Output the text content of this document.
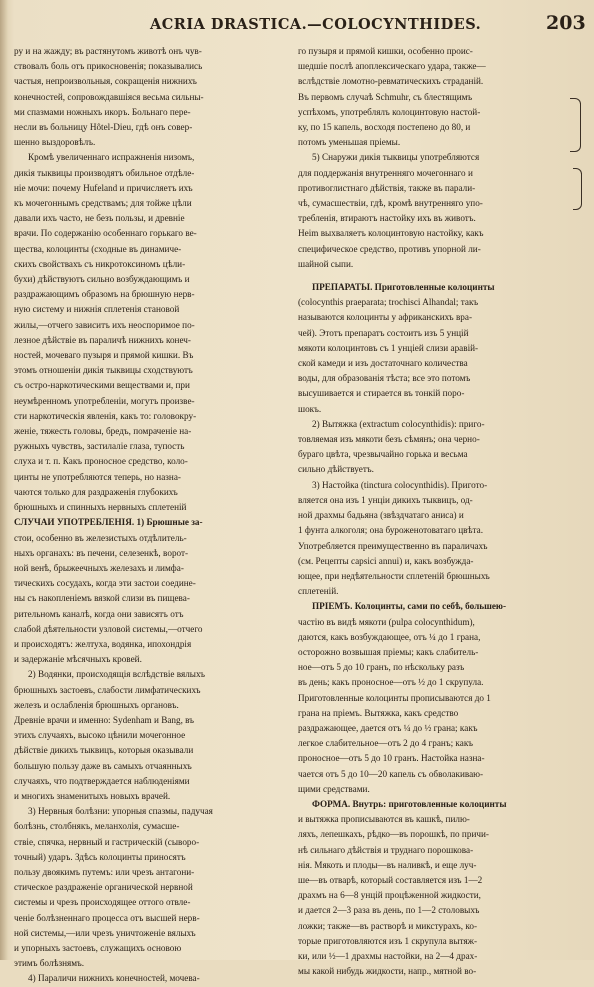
ACRIA DRASTICA.—COLOCYNTHIDES.	203

ру и на жажду; въ растянутомъ животѣ онъ чув-

ствовалъ боль отъ прикосновенія; показывались

частыя, непроизвольныя, сокращенія нижнихъ

конечностей, сопровождавшіяся весьма сильны-

ми спазмами ножныхъ икоръ. Больнаго пере-

несли въ больницу Hôtel-Dieu, гдѣ онъ совер-

шенно выздоровѣлъ.

Кромѣ увеличеннаго испражненія низомъ,

дикія тыквицы производятъ обильное отдѣле-

ніе мочи: почему Hufeland и причисляетъ ихъ

къ мочегоннымъ средствамъ; для тойже цѣли

давали ихъ часто, не безъ пользы, и древніе

врачи. По содержанію особеннаго горькаго ве-

щества, колоцинты (сходные въ динамиче-

скихъ свойствахъ съ никротоксиномъ цѣли-

бухи) дѣйствуютъ сильно возбуждающимъ и

раздражающимъ образомъ на брюшную нерв-

ную систему и нижнія сплетенія становой

жилы,—отчего зависитъ ихъ неоспоримое по-

лезное дѣйствіе въ параличѣ нижнихъ конеч-

ностей, мочеваго пузыря и прямой кишки. Въ

этомъ отношеніи дикія тыквицы сходствуютъ

съ остро-наркотическими веществами и, при

неумѣренномъ употребленіи, могутъ произве-

сти наркотическія явленія, какъ то: головокру-

женіе, тяжесть головы, бредъ, помраченіе на-

ружныхъ чувствъ, застилаліе глаза, тупость

слуха и т. п. Какъ проносное средство, коло-

цинты не употребляются теперь, но назна-

чаются только для раздраженія глубокихъ

брюшныхъ и спинныхъ нервныхъ сплетеній

СЛУЧАИ УПОТРЕБЛЕНІЯ. 1) Брюшные за-

стои, особенно въ железистыхъ отдѣлитель-

ныхъ органахъ: въ печени, селезенкѣ, вoрот-

ной венѣ, брыжеечныхъ железахъ и лимфа-

тическихъ сосудахъ, когда эти застои соедине-

ны съ накопленіемъ вязкой слизи въ пищева-

рительномъ каналѣ, когда они зависятъ отъ

слабой дѣятельности узловой системы,—отчего

и происходятъ: желтуха, водянка, ипохондрія

и задержаніе мѣсячныхъ кровей.

2) Водянки, происходящія вслѣдствіе вялыхъ

брюшныхъ застоевъ, слабости лимфатическихъ

железъ и ослабленія брюшныхъ органовъ.

Древніе врачи и именно: Sydenham и Bang, въ

этихъ случаяхъ, высоко цѣнили мочегонное

дѣйствіе дикихъ тыквицъ, которыя оказывали

большую пользу даже въ самыхъ отчаянныхъ

случаяхъ, что подтверждается наблюденіями

и многихъ знаменитыхъ новыхъ врачей.

3) Нервныя болѣзни: упорныя спазмы, падучая

болѣзнь, столбнякъ, меланхолія, сумасше-

ствіе, спячка, нервный и гастрическій (сыворо-

точный) ударъ. Здѣсь колоцинты приносятъ

пользу двоякимъ путемъ: или чрезъ антагони-

стическое раздраженіе органической нервной

системы и чрезъ происходящее оттого отвле-

ченіе болѣзненнаго процесса отъ высшей нерв-

ной системы,—или чрезъ уничтоженіе вялыхъ

и упорныхъ застоевъ, служащихъ основою

этимъ болѣзнямъ.

4) Параличи нижнихъ конечностей, мочева-

го пузыря и прямой кишки, особенно проис-

шедшіе послѣ апоплексическаго удара, также—

вслѣдствіе ломотно-ревматическихъ страданій.

Въ первомъ случаѣ Schmuhr, съ блестящимъ

успѣхомъ, употреблялъ колоцинтовую настой-

ку, по 15 капель, восходя постепено до 80, и

потомъ уменьшая пріемы.

5) Снаружи дикія тыквицы употребляются

для поддержанія внутренняго мочегоннаго и

противоглистнаго дѣйствія, также въ парали-

чѣ, сумасшествіи, гдѣ, кромѣ внутренняго упо-

требленія, втираютъ настойку ихъ въ животъ.

Heim выхваляетъ колоцинтовую настойку, какъ

специфическое средство, противъ упорной ли-

шайной сыпи.

ПРЕПАРАТЫ. Приготовленные колоцинты

(colocynthis praeparata; trochisci Alhandal; такъ

называются колоцинты у африканскихъ вра-

чей). Этотъ препаратъ состоитъ изъ 5 унцій

мякоти колоцинтовъ съ 1 унціей слизи аравій-

ской камеди и изъ достаточнаго количества

воды, для образованія тѣста; все это потомъ

высушивается и стирается въ тонкій поро-

шокъ.

2) Вытяжка (extractum colocynthidis): приго-

товляемая изъ мякоти безъ сѣмянъ; она черно-

бураго цвѣта, чрезвычайно горька и весьма

сильно дѣйствуетъ.

3) Настойка (tinctura colocynthidis). Пригото-

вляется она изъ 1 унціи дикихъ тыквицъ, од-

ной драхмы бадьяна (звѣздчатаго аниса) и

1 фунта алкоголя; она буроженотоватаго цвѣта.

Употребляется преимущественно въ параличахъ

(см. Рецепты capsici annui) и, какъ возбужда-

ющее, при недѣятельности сплетеній брюшныхъ

сплетеній.

ПРІЕМЪ. Колоцинты, сами по себѣ, большею-

частію въ видѣ мякоти (pulpa colocynthidum),

даются, какъ возбуждающее, отъ ¼ до 1 грана,

осторожно возвышая пріемы; какъ слабитель-

ное—отъ 5 до 10 гранъ, по нѣскольку разъ

въ день; какъ проносное—отъ ½ до 1 скрупула.

Приготовленные колоцинты прописываются до 1

грана на пріемъ. Вытяжка, какъ средство

раздражающее, дается отъ ¼ до ½ грана; какъ

легкое слабительное—отъ 2 до 4 гранъ; какъ

проносное—отъ 5 до 10 гранъ. Настойка назна-

чается отъ 5 до 10—20 капель съ обволакиваю-

щими средствами.

ФОРМА. Внутрь: приготовленные колоцинты

и вытяжка прописываются въ кашкѣ, пилю-

ляхъ, лепешкахъ, рѣдко—въ порошкѣ, по причи-

нѣ сильнаго дѣйствія и труднаго порошкова-

нія. Мякоть и плоды—въ наливкѣ, и еще луч-

ше—въ отварѣ, который составляется изъ 1—2

драхмъ на 6—8 унцій процѣженной жидкости,

и дается 2—3 раза въ день, по 1—2 столовыхъ

ложки; также—въ растворѣ и микстурахъ, ко-

торые приготовляются изъ 1 скрупула вытяж-

ки, или ½—1 драхмы настойки, на 2—4 драх-

мы какой нибудь жидкости, напр., мятной во-
